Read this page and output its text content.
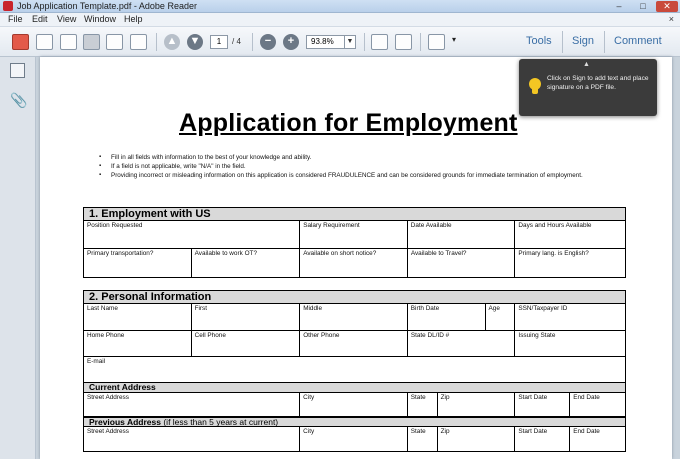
Job Application Template.pdf - Adobe Reader	–	□	✕
File Edit View Window Help	×
▲ ▼	1	/ 4	−	+	93.8%	▼	▾	Tools Sign Comment
📎
Application for Employment
▪ Fill in all fields with information to the best of your knowledge and ability.
▪ If a field is not applicable, write "N/A" in the field.
▪ Providing incorrect or misleading information on this application is considered FRAUDULENCE and can be considered grounds for immediate termination of employment.
1. Employment with US
Position Requested	Salary Requirement	Date Available	Days and Hours Available
Primary transportation?	Available to work OT?	Available on short notice?	Available to Travel?	Primary lang. is English?
2. Personal Information
Last Name	First	Middle	Birth Date	Age	SSN/Taxpayer ID
Home Phone	Cell Phone	Other Phone	State DL/ID #	Issuing State
E-mail
Current Address
Street Address	City	State	Zip	Start Date	End Date
Previous Address (if less than 5 years at current)
Street Address	City	State	Zip	Start Date	End Date
▲
Click on Sign to add text and place signature on a PDF file.
